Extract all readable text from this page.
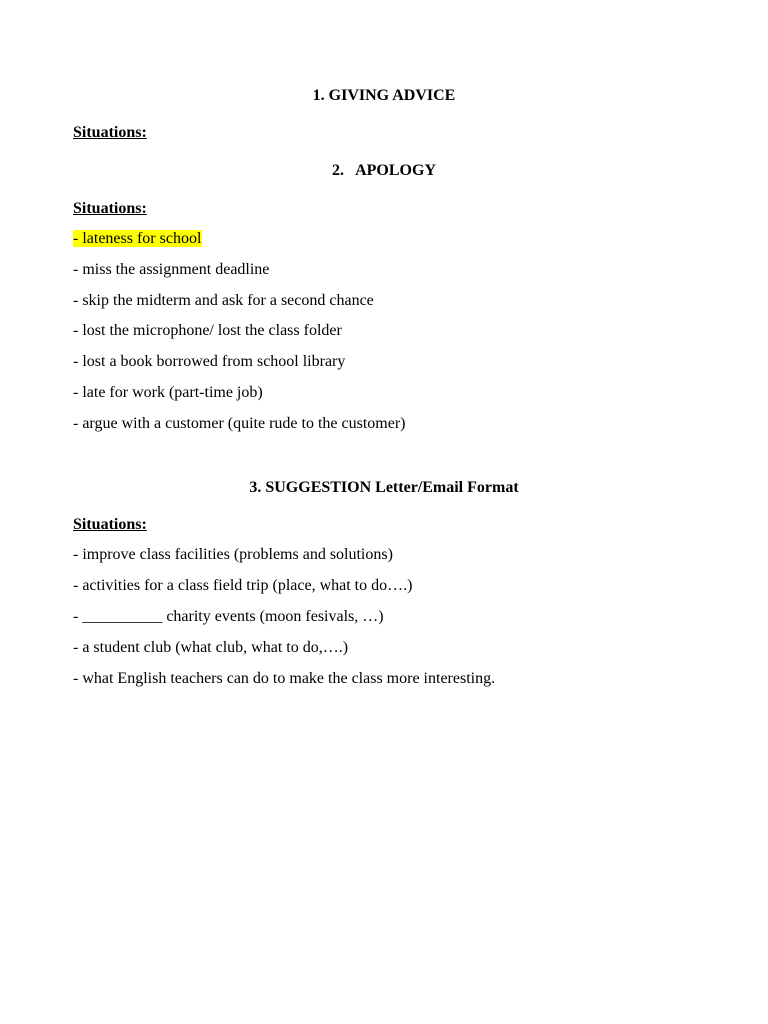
1. GIVING ADVICE
Situations:
2.   APOLOGY
Situations:
- lateness for school
- miss the assignment deadline
- skip the midterm and ask for a second chance
- lost the microphone/ lost the class folder
- lost a book borrowed from school library
- late for work (part-time job)
- argue with a customer (quite rude to the customer)
3. SUGGESTION Letter/Email Format
Situations:
- improve class facilities (problems and solutions)
- activities for a class field trip (place, what to do….)
- __________ charity events (moon fesivals, …)
- a student club (what club, what to do,….)
- what English teachers can do to make the class more interesting.
